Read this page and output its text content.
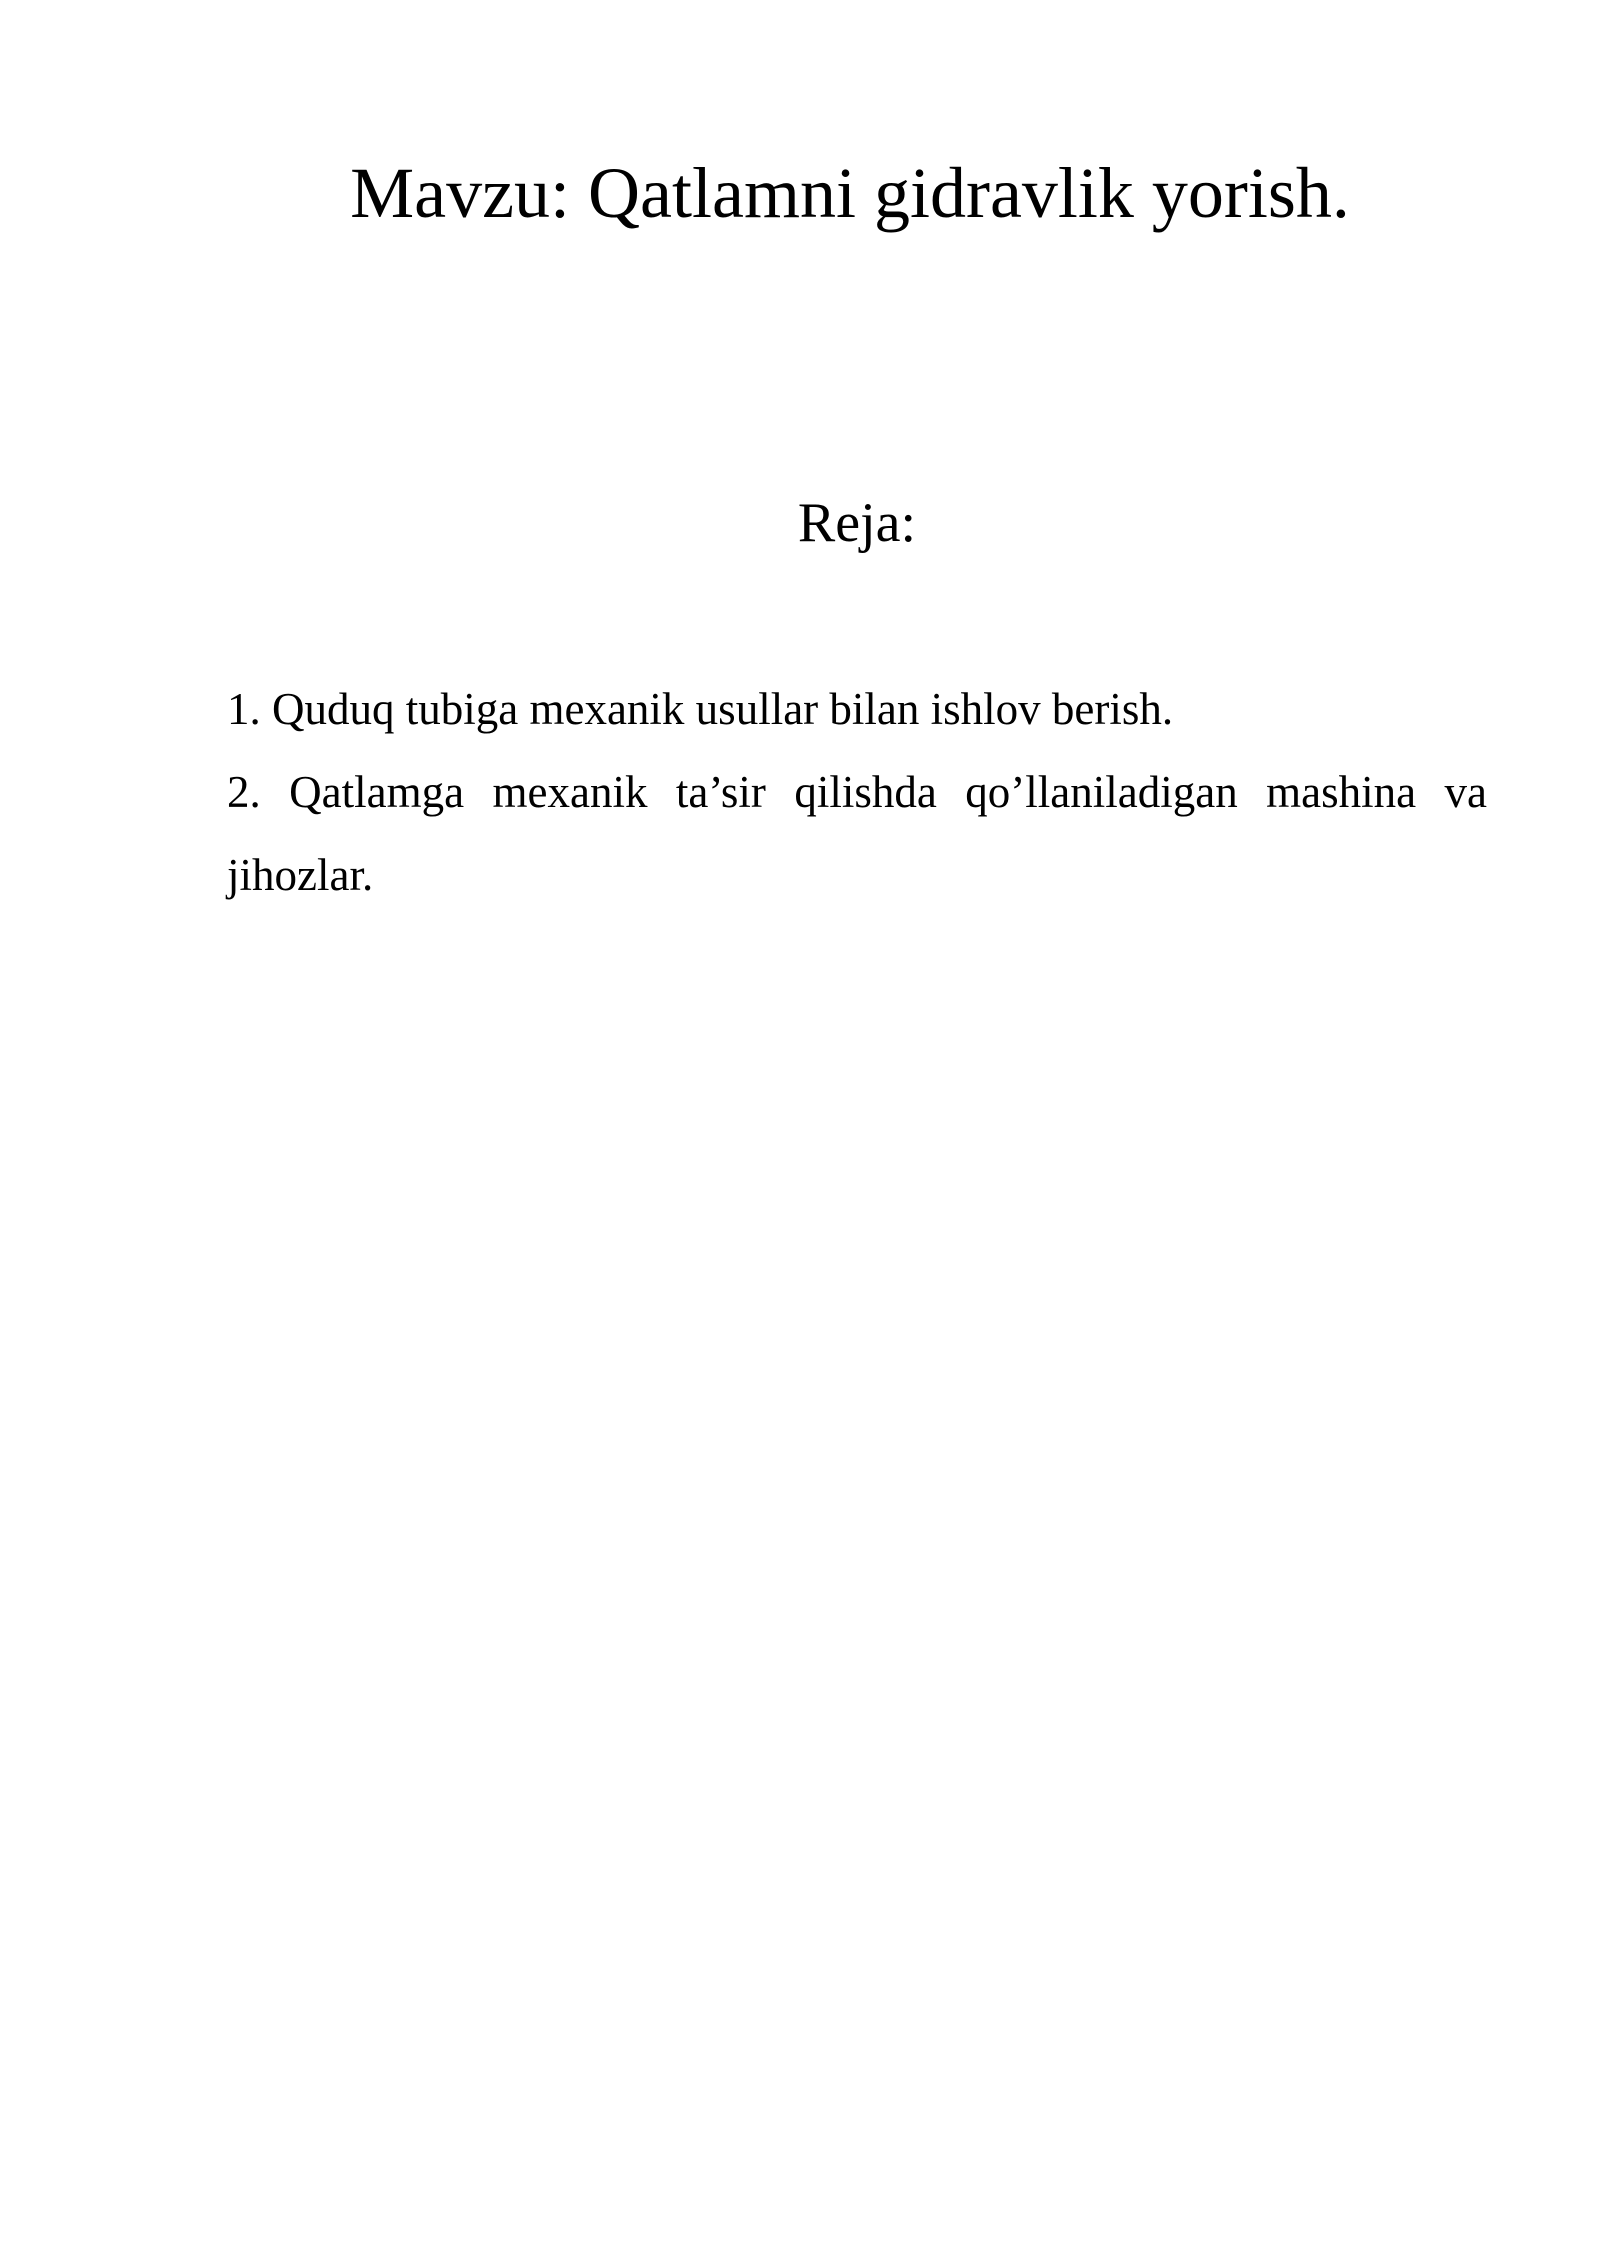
Mavzu: Qatlamni gidravlik yorish.
Reja:
1. Quduq tubiga mexanik usullar bilan ishlov berish.
2. Qatlamga mexanik ta’sir qilishda qo’llaniladigan mashina va jihozlar.
